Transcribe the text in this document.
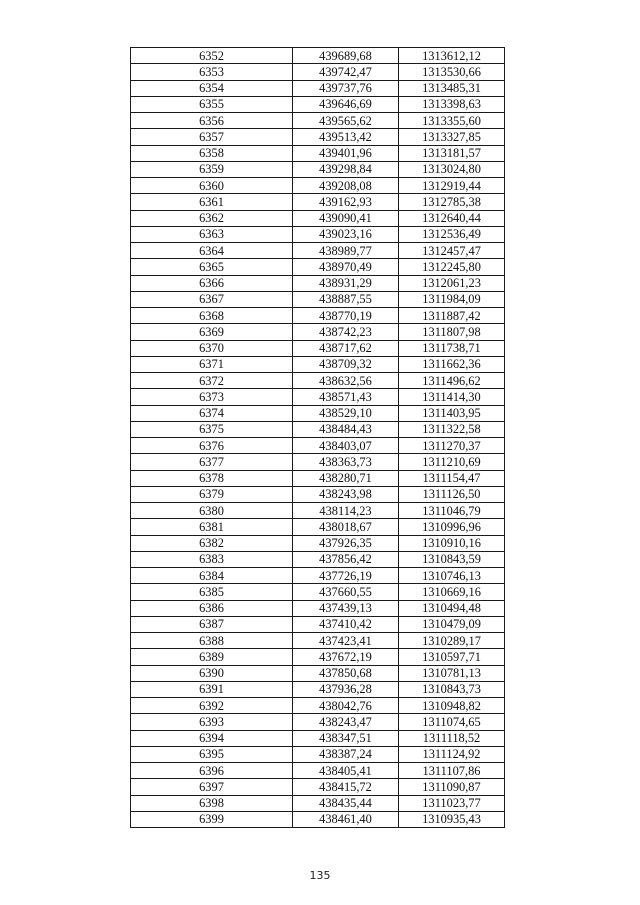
6352	439689,68	1313612,12
6353	439742,47	1313530,66
6354	439737,76	1313485,31
6355	439646,69	1313398,63
6356	439565,62	1313355,60
6357	439513,42	1313327,85
6358	439401,96	1313181,57
6359	439298,84	1313024,80
6360	439208,08	1312919,44
6361	439162,93	1312785,38
6362	439090,41	1312640,44
6363	439023,16	1312536,49
6364	438989,77	1312457,47
6365	438970,49	1312245,80
6366	438931,29	1312061,23
6367	438887,55	1311984,09
6368	438770,19	1311887,42
6369	438742,23	1311807,98
6370	438717,62	1311738,71
6371	438709,32	1311662,36
6372	438632,56	1311496,62
6373	438571,43	1311414,30
6374	438529,10	1311403,95
6375	438484,43	1311322,58
6376	438403,07	1311270,37
6377	438363,73	1311210,69
6378	438280,71	1311154,47
6379	438243,98	1311126,50
6380	438114,23	1311046,79
6381	438018,67	1310996,96
6382	437926,35	1310910,16
6383	437856,42	1310843,59
6384	437726,19	1310746,13
6385	437660,55	1310669,16
6386	437439,13	1310494,48
6387	437410,42	1310479,09
6388	437423,41	1310289,17
6389	437672,19	1310597,71
6390	437850,68	1310781,13
6391	437936,28	1310843,73
6392	438042,76	1310948,82
6393	438243,47	1311074,65
6394	438347,51	1311118,52
6395	438387,24	1311124,92
6396	438405,41	1311107,86
6397	438415,72	1311090,87
6398	438435,44	1311023,77
6399	438461,40	1310935,43
135
